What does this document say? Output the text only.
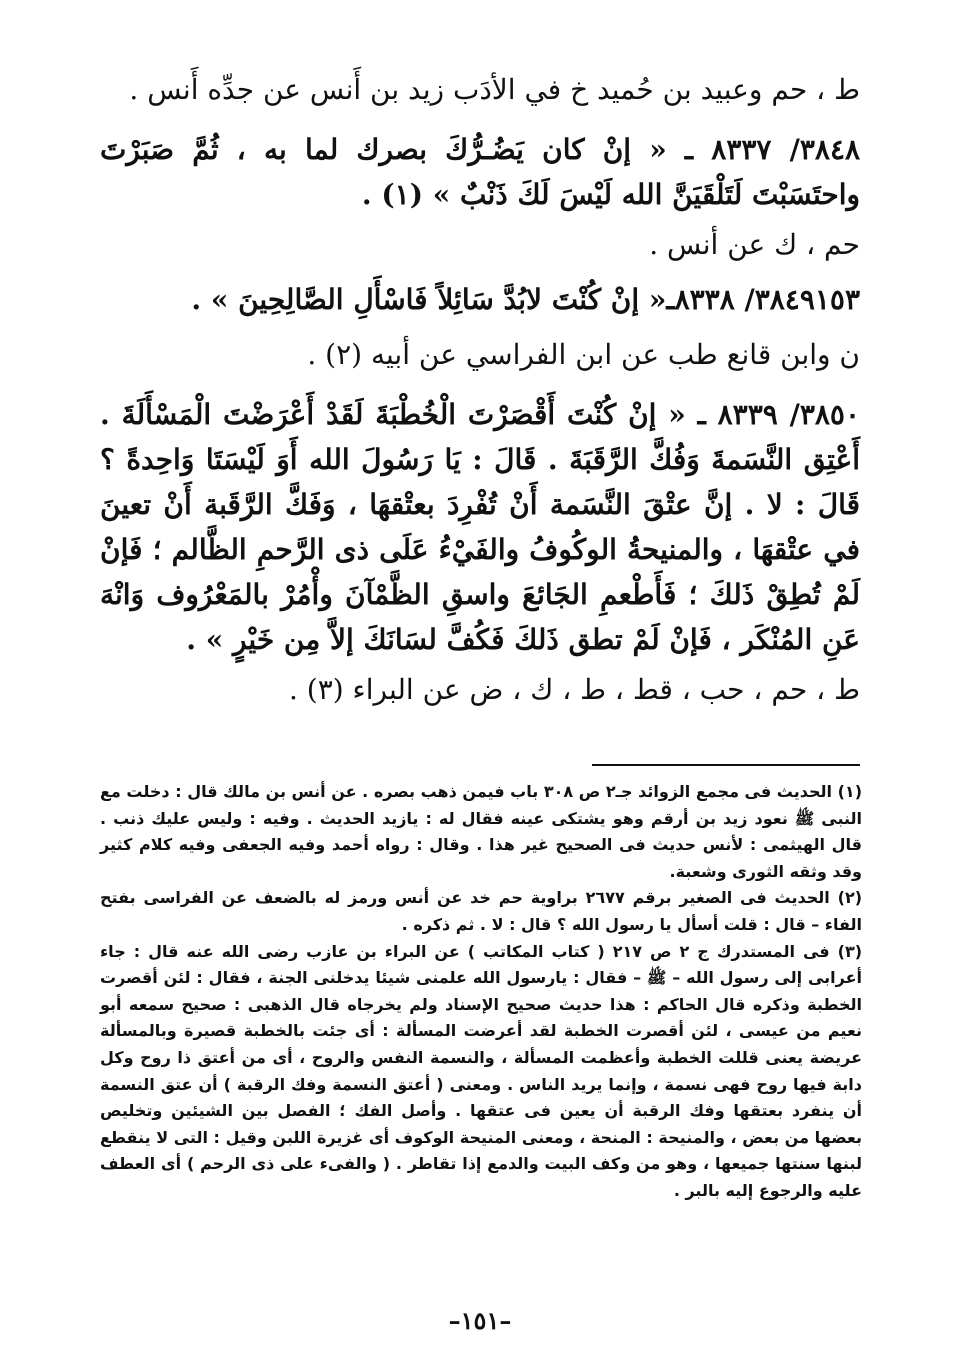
ط ، حم وعبيد بن حُميد خ في الأدَب زيد بن أَنس عن جدِّه أَنس .

٣٨٤٨/ ٨٣٣٧ ـ « إنْ كان يَضُـرُّكَ بصرك لما به ، ثُمَّ صَبَرْتَ واحتَسَبْتَ لَتَلْقَيَنَّ الله لَيْسَ لَكَ ذَنْبٌ » (١) .

حم ، ك عن أنس .

٣٨٤٩١٥٣/ ٨٣٣٨ـ« إنْ كُنْتَ لابُدَّ سَائِلاً فَاسْأَلِ الصَّالِحِينَ » .

ن وابن قانع طب عن ابن الفراسي عن أبيه (٢) .

٣٨٥٠/ ٨٣٣٩ ـ « إنْ كُنْتَ أَقْصَرْتَ الْخُطْبَةَ لَقَدْ أَعْرَضْتَ الْمَسْأَلَةَ . أَعْتِق النَّسَمةَ وَفُكَّ الرَّقَبَةَ . قَالَ : يَا رَسُولَ الله أَوَ لَيْسَتَا وَاحِدةً ؟ قَالَ : لا . إنَّ عتْقَ النَّسَمة أَنْ تُفْرِدَ بعتْقهَا ، وَفَكَّ الرَّقَبة أَنْ تعينَ في عتْقهَا ، والمنيحةُ الوكُوفُ والفَيْءُ عَلَى ذى الرَّحمِ الظَّالم ؛ فَإنْ لَمْ تُطِقْ ذَلكَ ؛ فَأَطْعمِ الجَائعَ واسقِ الظَّمْآنَ وأْمُرْ بالمَعْرُوف وَانْهَ عَنِ المُنْكَر ، فَإنْ لَمْ تطق ذَلكَ فَكُفَّ لسَانَكَ إلاَّ مِن خَيْرٍ » .

ط ، حم ، حب ، قط ، ط ، ك ، ض عن البراء (٣) .

(١) الحديث فى مجمع الزوائد جـ٢ ص ٣٠٨ باب فيمن ذهب بصره . عن أنس بن مالك قال : دخلت مع النبى ﷺ نعود زيد بن أرقم وهو يشتكى عينه فقال له : يازيد الحديث . وفيه : وليس عليك ذنب . قال الهيثمى : لأنس حديث فى الصحيح غير هذا . وقال : رواه أحمد وفيه الجعفى وفيه كلام كثير وقد وثقه الثورى وشعبة.

(٢) الحديث فى الصغير برقم ٢٦٧٧ براوية حم خد عن أنس ورمز له بالضعف عن الفراسى بفتح الفاء – قال : قلت أسأل يا رسول الله ؟ قال : لا . ثم ذكره .

(٣) فى المستدرك ج ٢ ص ٢١٧ ( كتاب المكاتب ) عن البراء بن عازب رضى الله عنه قال : جاء أعرابى إلى رسول الله – ﷺ – فقال : يارسول الله علمنى شيئا يدخلنى الجنة ، فقال : لئن أقصرت الخطبة وذكره قال الحاكم : هذا حديث صحيح الإسناد ولم يخرجاه قال الذهبى : صحيح سمعه أبو نعيم من عيسى ، لئن أقصرت الخطبة لقد أعرضت المسألة : أى جئت بالخطبة قصيرة وبالمسألة عريضة يعنى قللت الخطبة وأعظمت المسألة ، والنسمة النفس والروح ، أى من أعتق ذا روح وكل دابة فيها روح فهى نسمة ، وإنما يريد الناس . ومعنى ( أعتق النسمة وفك الرقبة ) أن عتق النسمة أن ينفرد بعتقها وفك الرقبة أن يعين فى عتقها . وأصل الفك ؛ الفصل بين الشيئين وتخليص بعضها من بعض ، والمنيحة : المنحة ، ومعنى المنيحة الوكوف أى غزيرة اللبن وقيل : التى لا ينقطع لبنها سنتها جميعها ، وهو من وكف البيت والدمع إذا تقاطر . ( والفىء على ذى الرحم ) أى العطف عليه والرجوع إليه بالبر .

–١٥١–
